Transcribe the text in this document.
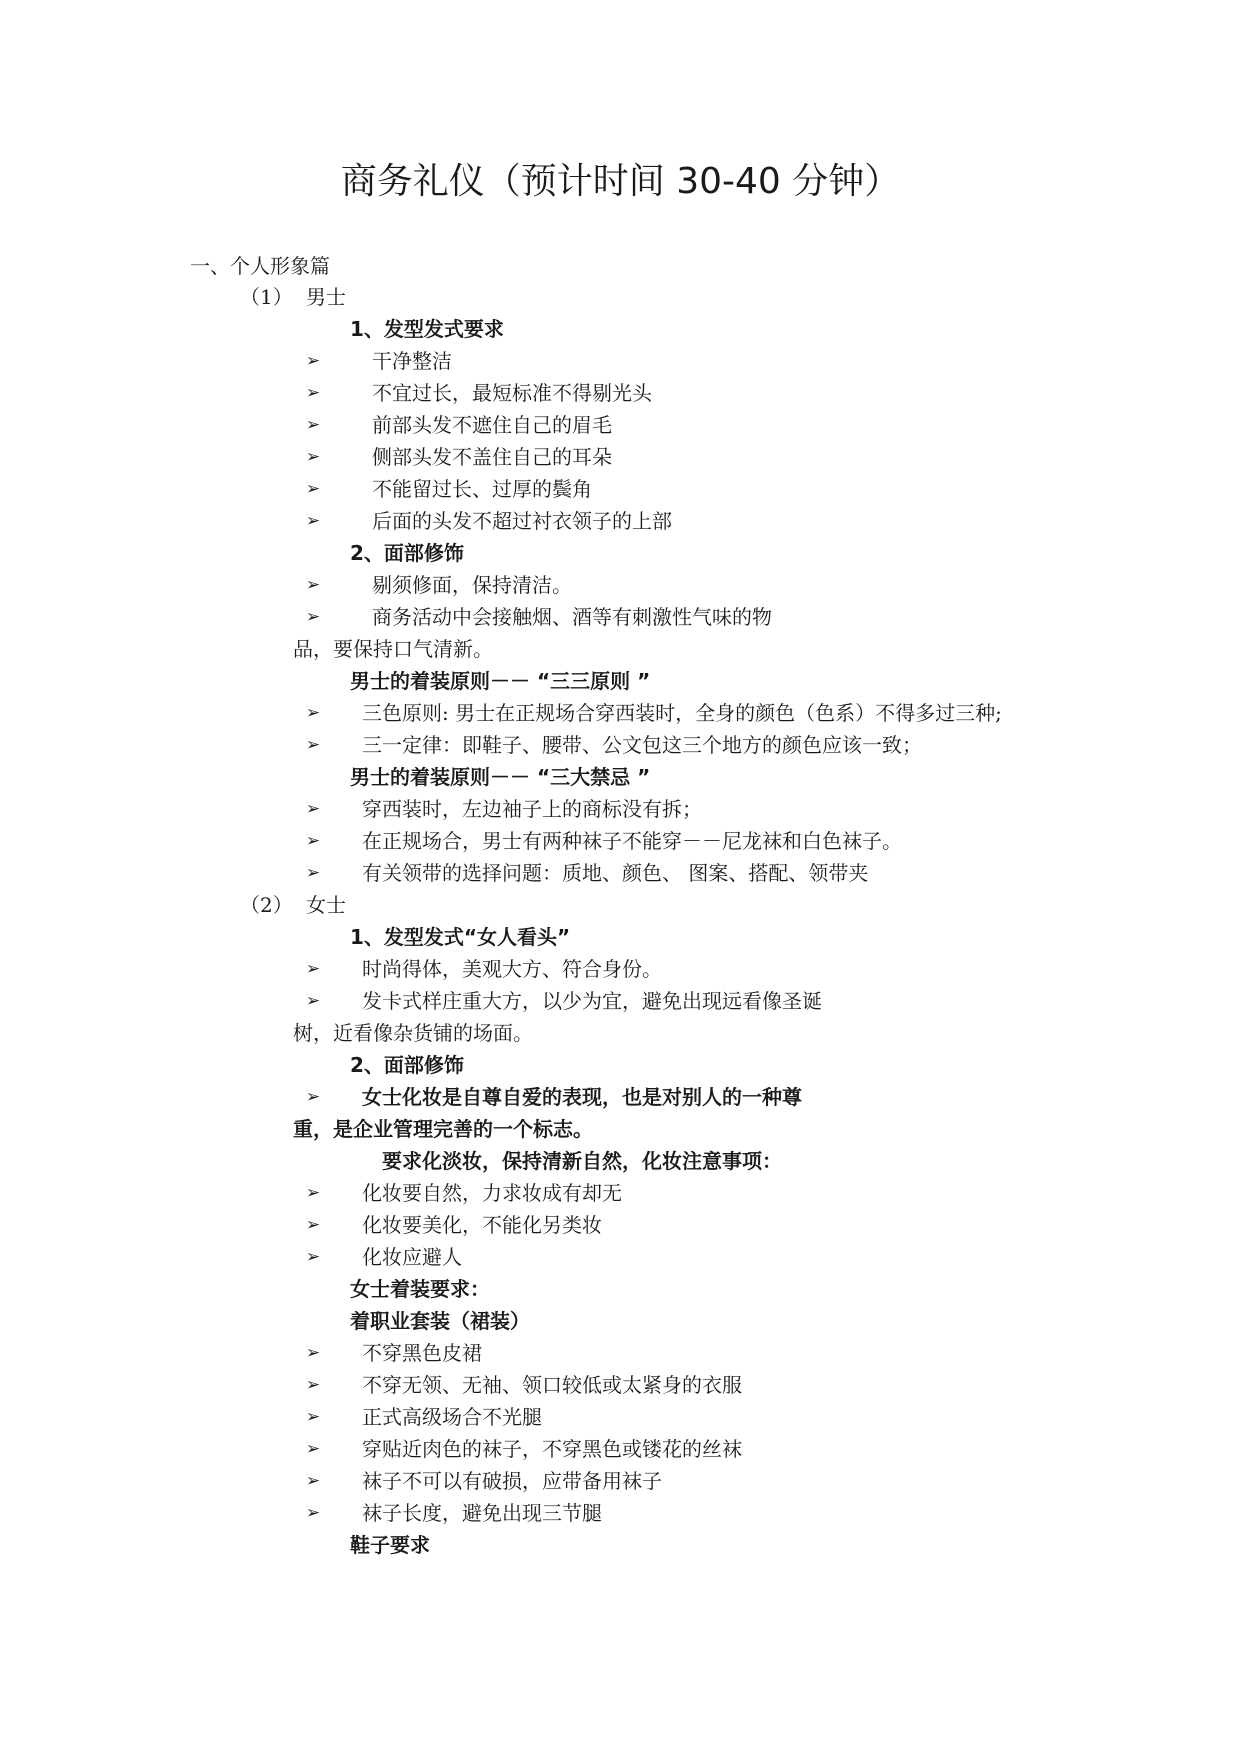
商务礼仪（预计时间 30-40 分钟）
一、个人形象篇
（1） 男士
1、发型发式要求
➢	干净整洁
➢	不宜过长，最短标准不得剔光头
➢	前部头发不遮住自己的眉毛
➢	侧部头发不盖住自己的耳朵
➢	不能留过长、过厚的鬓角
➢	后面的头发不超过衬衣领子的上部
2、面部修饰
➢	剔须修面，保持清洁。
➢	商务活动中会接触烟、酒等有刺激性气味的物
品，要保持口气清新。
男士的着装原则－－ “三三原则 ”
➢ 三色原则: 男士在正规场合穿西装时，全身的颜色（色系）不得多过三种;
➢ 三一定律：即鞋子、腰带、公文包这三个地方的颜色应该一致；
男士的着装原则－－ “三大禁忌 ”
➢ 穿西装时，左边袖子上的商标没有拆；
➢ 在正规场合，男士有两种袜子不能穿－－尼龙袜和白色袜子。
➢ 有关领带的选择问题：质地、颜色、 图案、搭配、领带夹
（2） 女士
1、发型发式“女人看头”
➢ 时尚得体，美观大方、符合身份。
➢ 发卡式样庄重大方，以少为宜，避免出现远看像圣诞
树，近看像杂货铺的场面。
2、面部修饰
➢ 女士化妆是自尊自爱的表现，也是对别人的一种尊
重，是企业管理完善的一个标志。
要求化淡妆，保持清新自然，化妆注意事项：
➢ 化妆要自然，力求妆成有却无
➢ 化妆要美化，不能化另类妆
➢ 化妆应避人
女士着装要求：
着职业套装（裙装）
➢ 不穿黑色皮裙
➢ 不穿无领、无袖、领口较低或太紧身的衣服
➢ 正式高级场合不光腿
➢ 穿贴近肉色的袜子，不穿黑色或镂花的丝袜
➢ 袜子不可以有破损，应带备用袜子
➢ 袜子长度，避免出现三节腿
鞋子要求
